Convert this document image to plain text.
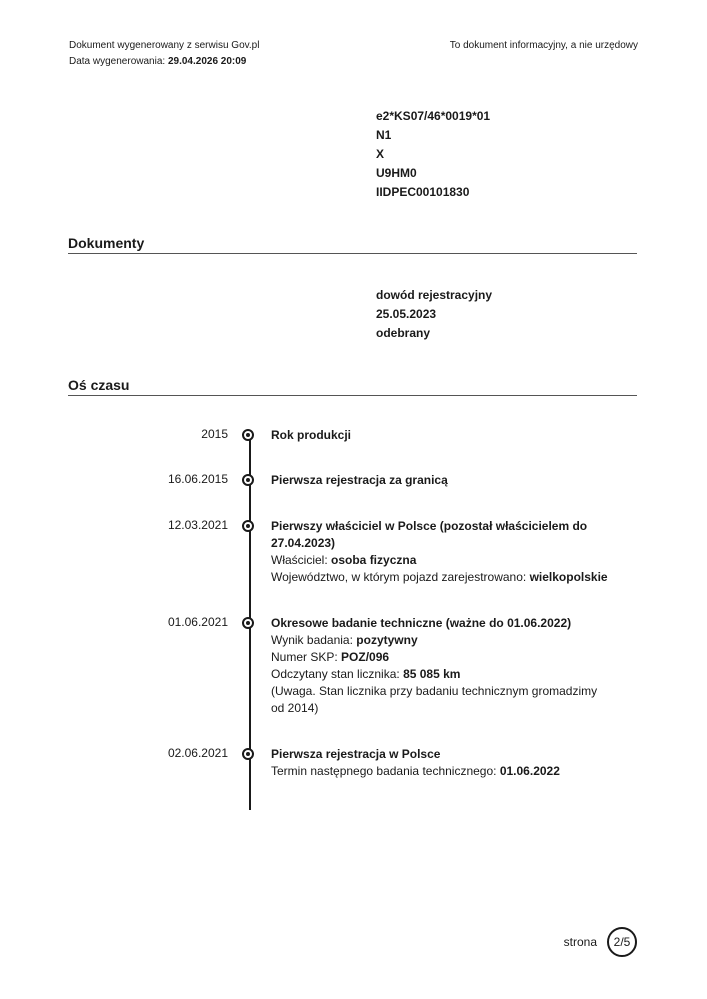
Dokument wygenerowany z serwisu Gov.pl
Data wygenerowania: 29.04.2026 20:09
To dokument informacyjny, a nie urzędowy
e2*KS07/46*0019*01
N1
X
U9HM0
IIDPEC00101830
Dokumenty
dowód rejestracyjny
25.05.2023
odebrany
Oś czasu
2015	Rok produkcji
16.06.2015	Pierwsza rejestracja za granicą
12.03.2021	Pierwszy właściciel w Polsce (pozostał właścicielem do 27.04.2023)
Właściciel: osoba fizyczna
Województwo, w którym pojazd zarejestrowano: wielkopolskie
01.06.2021	Okresowe badanie techniczne (ważne do 01.06.2022)
Wynik badania: pozytywny
Numer SKP: POZ/096
Odczytany stan licznika: 85 085 km
(Uwaga. Stan licznika przy badaniu technicznym gromadzimy od 2014)
02.06.2021	Pierwsza rejestracja w Polsce
Termin następnego badania technicznego: 01.06.2022
strona	2/5
